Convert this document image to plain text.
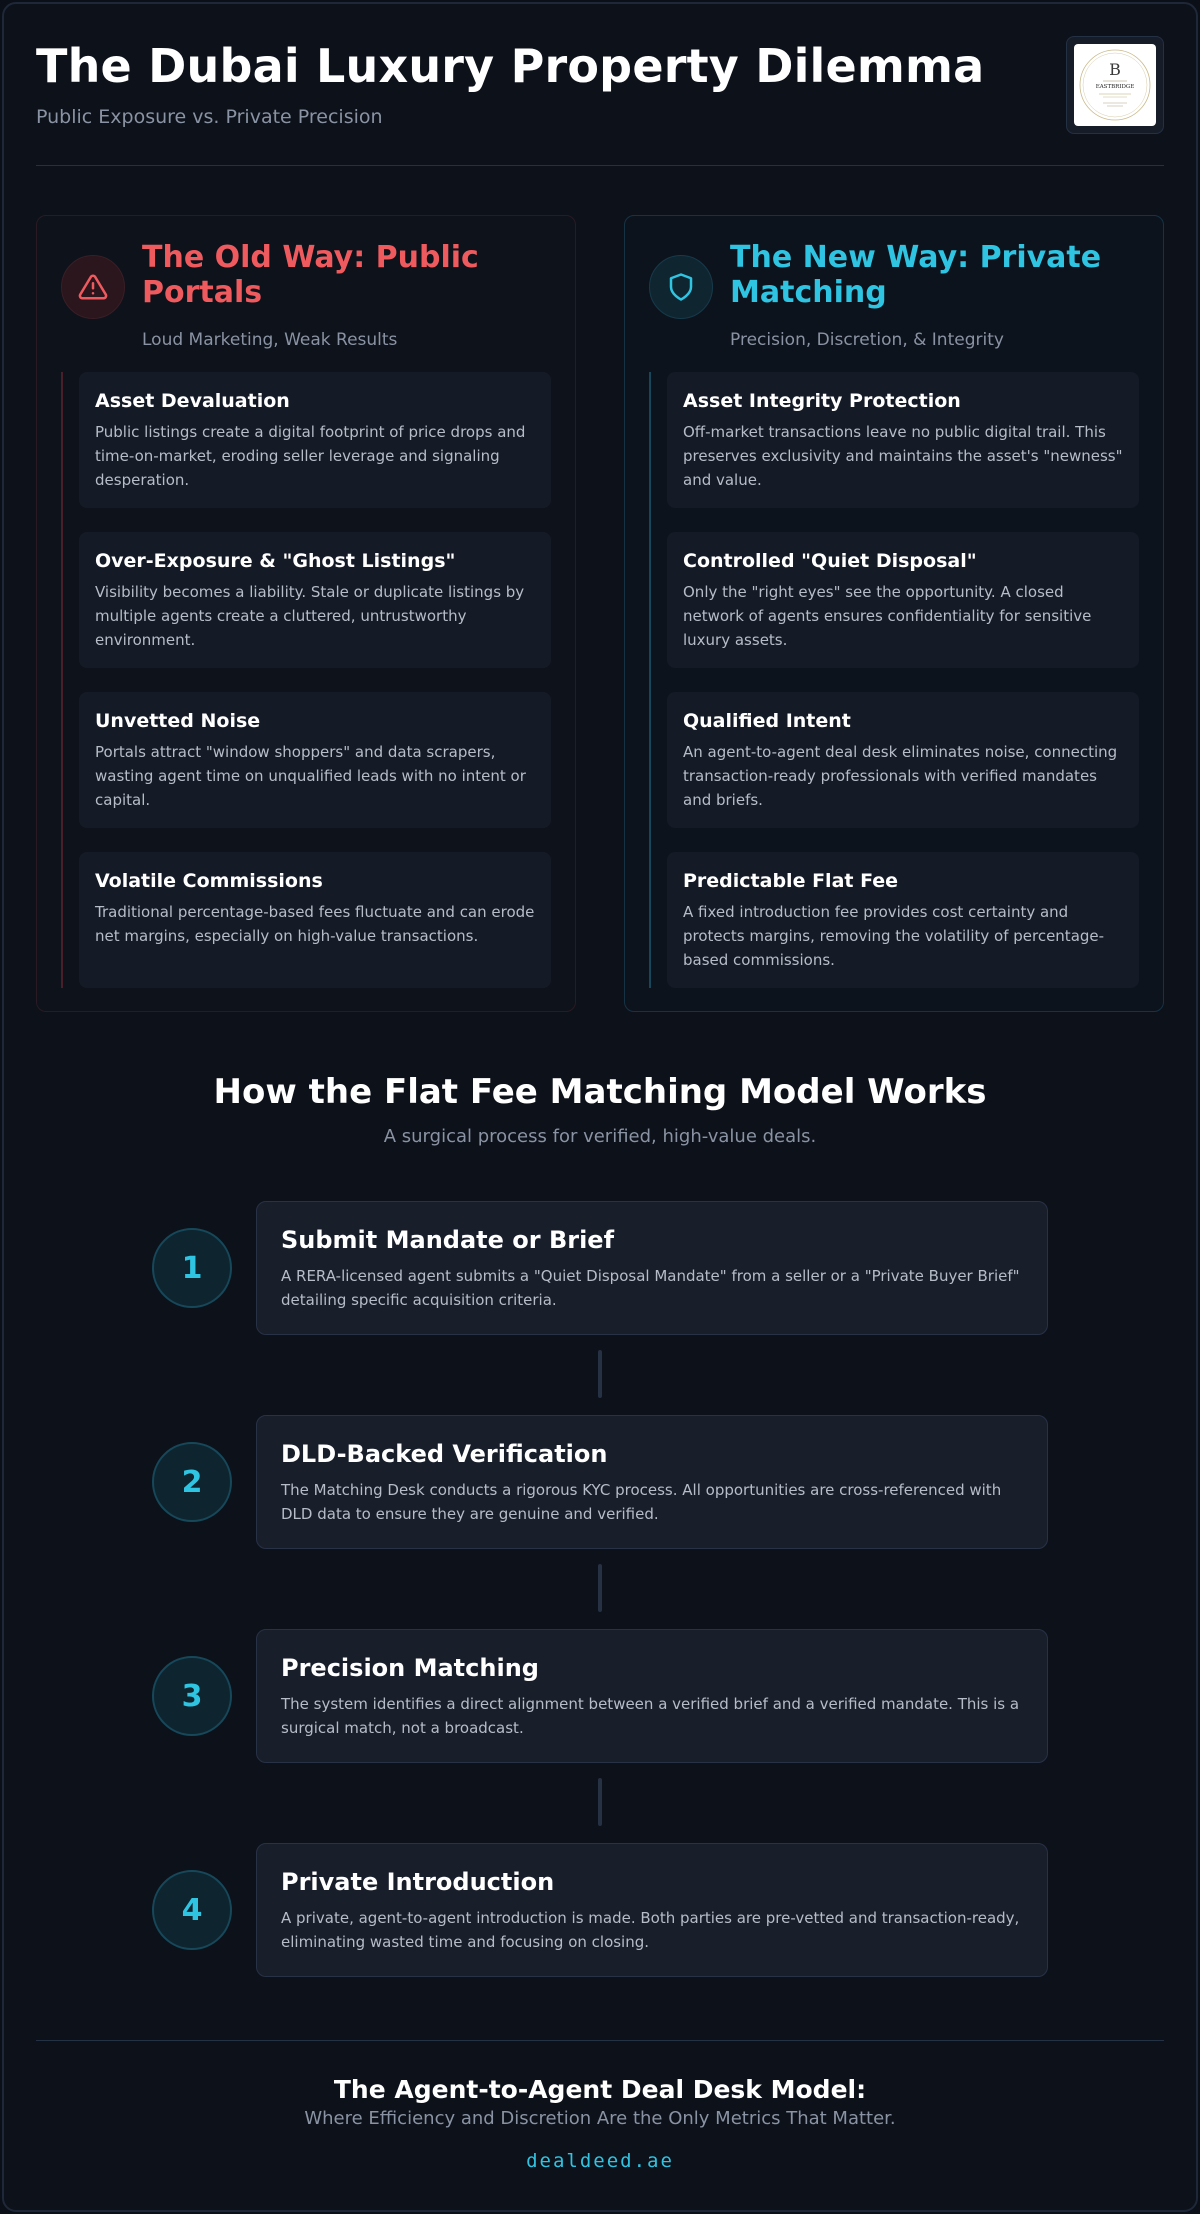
The Dubai Luxury Property Dilemma
Public Exposure vs. Private Precision
B
EASTBRIDGE
The Old Way: Public Portals
Loud Marketing, Weak Results
Asset Devaluation
Public listings create a digital footprint of price drops and time-on-market, eroding seller leverage and signaling desperation.
Over-Exposure & "Ghost Listings"
Visibility becomes a liability. Stale or duplicate listings by multiple agents create a cluttered, untrustworthy environment.
Unvetted Noise
Portals attract "window shoppers" and data scrapers, wasting agent time on unqualified leads with no intent or capital.
Volatile Commissions
Traditional percentage-based fees fluctuate and can erode net margins, especially on high-value transactions.
The New Way: Private Matching
Precision, Discretion, & Integrity
Asset Integrity Protection
Off-market transactions leave no public digital trail. This preserves exclusivity and maintains the asset's "newness" and value.
Controlled "Quiet Disposal"
Only the "right eyes" see the opportunity. A closed network of agents ensures confidentiality for sensitive luxury assets.
Qualified Intent
An agent-to-agent deal desk eliminates noise, connecting transaction-ready professionals with verified mandates and briefs.
Predictable Flat Fee
A fixed introduction fee provides cost certainty and protects margins, removing the volatility of percentage-based commissions.
How the Flat Fee Matching Model Works
A surgical process for verified, high-value deals.
1
Submit Mandate or Brief
A RERA-licensed agent submits a "Quiet Disposal Mandate" from a seller or a "Private Buyer Brief" detailing specific acquisition criteria.
2
DLD-Backed Verification
The Matching Desk conducts a rigorous KYC process. All opportunities are cross-referenced with DLD data to ensure they are genuine and verified.
3
Precision Matching
The system identifies a direct alignment between a verified brief and a verified mandate. This is a surgical match, not a broadcast.
4
Private Introduction
A private, agent-to-agent introduction is made. Both parties are pre-vetted and transaction-ready, eliminating wasted time and focusing on closing.
The Agent-to-Agent Deal Desk Model:
Where Efficiency and Discretion Are the Only Metrics That Matter.
dealdeed.ae
